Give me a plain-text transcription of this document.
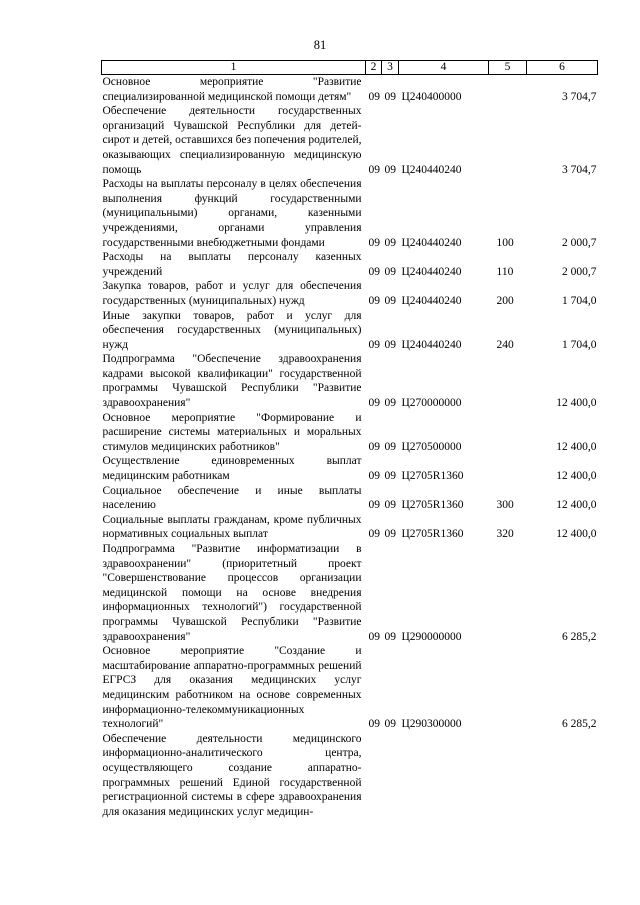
81
1	2	3	4	5	6
Основное мероприятие "Развитие специализированной медицинской помощи детям"	09	09	Ц240400000		3 704,7
Обеспечение деятельности государственных организаций Чувашской Республики для детей-сирот и детей, оставшихся без попечения родителей, оказывающих специализированную медицинскую помощь	09	09	Ц240440240		3 704,7
Расходы на выплаты персоналу в целях обеспечения выполнения функций государственными (муниципальными) органами, казенными учреждениями, органами управления государственными внебюджетными фондами	09	09	Ц240440240	100	2 000,7
Расходы на выплаты персоналу казенных учреждений	09	09	Ц240440240	110	2 000,7
Закупка товаров, работ и услуг для обеспечения государственных (муниципальных) нужд	09	09	Ц240440240	200	1 704,0
Иные закупки товаров, работ и услуг для обеспечения государственных (муниципальных) нужд	09	09	Ц240440240	240	1 704,0
Подпрограмма "Обеспечение здравоохранения кадрами высокой квалификации" государственной программы Чувашской Республики "Развитие здравоохранения"	09	09	Ц270000000		12 400,0
Основное мероприятие "Формирование и расширение системы материальных и моральных стимулов медицинских работников"	09	09	Ц270500000		12 400,0
Осуществление единовременных выплат медицинским работникам	09	09	Ц2705R1360		12 400,0
Социальное обеспечение и иные выплаты населению	09	09	Ц2705R1360	300	12 400,0
Социальные выплаты гражданам, кроме публичных нормативных социальных выплат	09	09	Ц2705R1360	320	12 400,0
Подпрограмма "Развитие информатизации в здравоохранении" (приоритетный проект "Совершенствование процессов организации медицинской помощи на основе внедрения информационных технологий") государственной программы Чувашской Республики "Развитие здравоохранения"	09	09	Ц290000000		6 285,2
Основное мероприятие "Создание и масштабирование аппаратно-программных решений ЕГРСЗ для оказания медицинских услуг медицинским работником на основе современных информационно-телекоммуникационных технологий"	09	09	Ц290300000		6 285,2
Обеспечение деятельности медицинского информационно-аналитического центра, осуществляющего создание аппаратно-программных решений Единой государственной регистрационной системы в сфере здравоохранения для оказания медицинских услуг медицин-					
